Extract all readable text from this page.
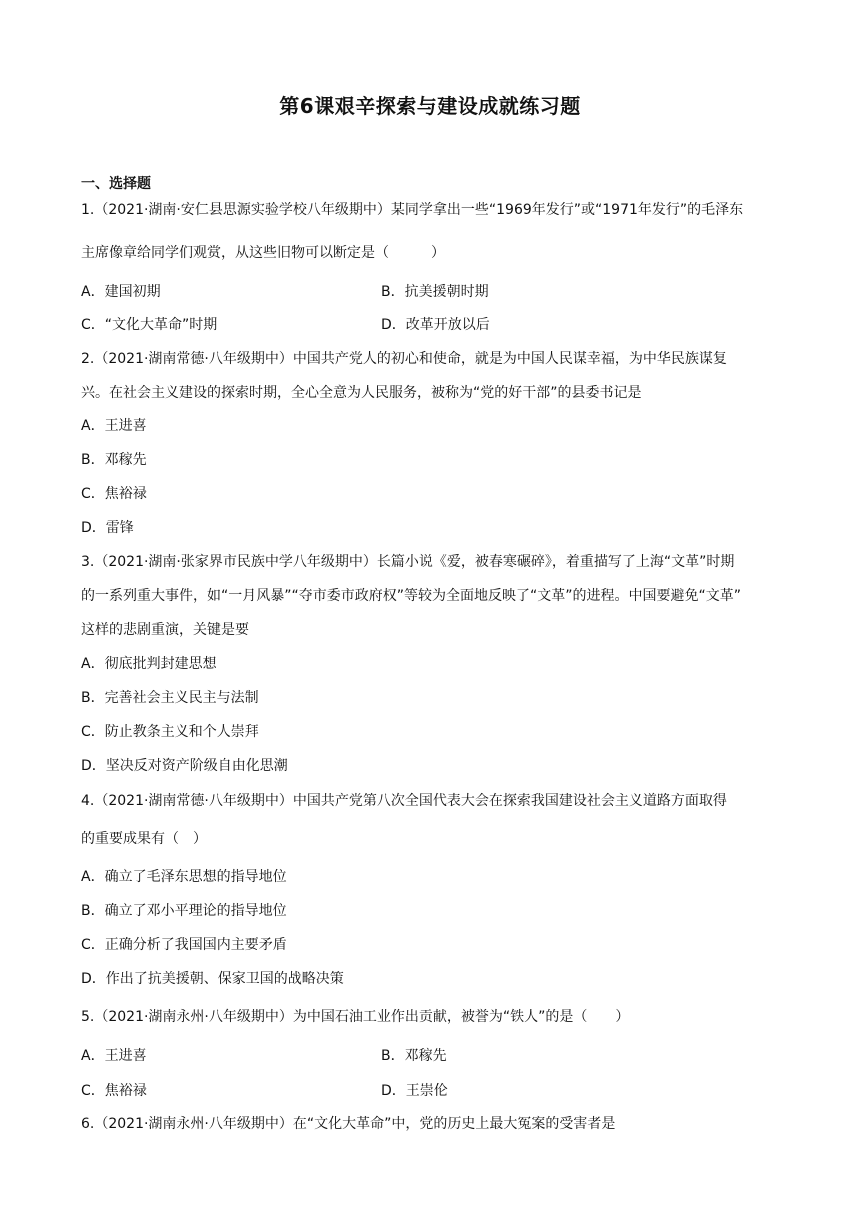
第6课艰辛探索与建设成就练习题
一、选择题
1.（2021·湖南·安仁县思源实验学校八年级期中）某同学拿出一些“1969年发行”或“1971年发行”的毛泽东
主席像章给同学们观赏，从这些旧物可以断定是（　　　）
A．建国初期	B．抗美援朝时期
C．“文化大革命”时期	D．改革开放以后
2.（2021·湖南常德·八年级期中）中国共产党人的初心和使命，就是为中国人民谋幸福，为中华民族谋复
兴。在社会主义建设的探索时期，全心全意为人民服务，被称为“党的好干部”的县委书记是
A．王进喜
B．邓稼先
C．焦裕禄
D．雷锋
3.（2021·湖南·张家界市民族中学八年级期中）长篇小说《爱，被春寒碾碎》，着重描写了上海“文革”时期
的一系列重大事件，如“一月风暴”“夺市委市政府权”等较为全面地反映了“文革”的进程。中国要避免“文革”
这样的悲剧重演，关键是要
A．彻底批判封建思想
B．完善社会主义民主与法制
C．防止教条主义和个人崇拜
D．坚决反对资产阶级自由化思潮
4.（2021·湖南常德·八年级期中）中国共产党第八次全国代表大会在探索我国建设社会主义道路方面取得
的重要成果有（　）
A．确立了毛泽东思想的指导地位
B．确立了邓小平理论的指导地位
C．正确分析了我国国内主要矛盾
D．作出了抗美援朝、保家卫国的战略决策
5.（2021·湖南永州·八年级期中）为中国石油工业作出贡献，被誉为“铁人”的是（　　）
A．王进喜	B．邓稼先
C．焦裕禄	D．王崇伦
6.（2021·湖南永州·八年级期中）在“文化大革命”中，党的历史上最大冤案的受害者是
